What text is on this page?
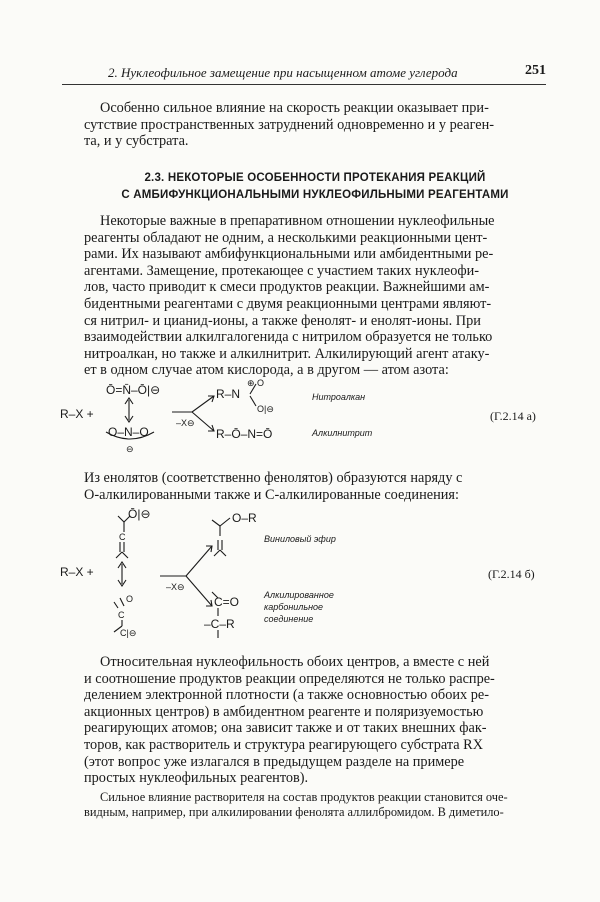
2. Нуклеофильное замещение при насыщенном атоме углерода	251

Особенно сильное влияние на скорость реакции оказывает при-
сутствие пространственных затруднений одновременно и у реаген-
та, и у субстрата.

2.3. НЕКОТОРЫЕ ОСОБЕННОСТИ ПРОТЕКАНИЯ РЕАКЦИЙ
С АМБИФУНКЦИОНАЛЬНЫМИ НУКЛЕОФИЛЬНЫМИ РЕАГЕНТАМИ

Некоторые важные в препаративном отношении нуклеофильные
реагенты обладают не одним, а несколькими реакционными цент-
рами. Их называют амбифункциональными или амбидентными ре-
агентами. Замещение, протекающее с участием таких нуклеофи-
лов, часто приводит к смеси продуктов реакции. Важнейшими ам-
бидентными реагентами с двумя реакционными центрами являют-
ся нитрил- и цианид-ионы, а также фенолят- и енолят-ионы. При
взаимодействии алкилгалогенида с нитрилом образуется не только
нитроалкан, но также и алкилнитрит. Алкилирующий агент атаку-
ет в одном случае атом кислорода, а в другом — атом азота:

R–X +
Ō=N̄–Ō|⊖
O–N–O
⊖
–X⊖
R–N
⊕ O
O|⊖
R–Ō–N=Ō
Нитроалкан
Алкилнитрит
(Г.2.14 а)

Из енолятов (соответственно фенолятов) образуются наряду с
О-алкилированными также и С-алкилированные соединения:

R–X +
Ō|⊖
C
O
C
C|⊖
–X⊖
O–R
C=O
–C–R
Виниловый эфир
Алкилированное
карбонильное
соединение
(Г.2.14 б)

Относительная нуклеофильность обоих центров, а вместе с ней
и соотношение продуктов реакции определяются не только распре-
делением электронной плотности (а также основностью обоих ре-
акционных центров) в амбидентном реагенте и поляризуемостью
реагирующих атомов; она зависит также и от таких внешних фак-
торов, как растворитель и структура реагирующего субстрата RX
(этот вопрос уже излагался в предыдущем разделе на примере
простых нуклеофильных реагентов).

Сильное влияние растворителя на состав продуктов реакции становится оче-
видным, например, при алкилировании фенолята аллилбромидом. В диметило-
